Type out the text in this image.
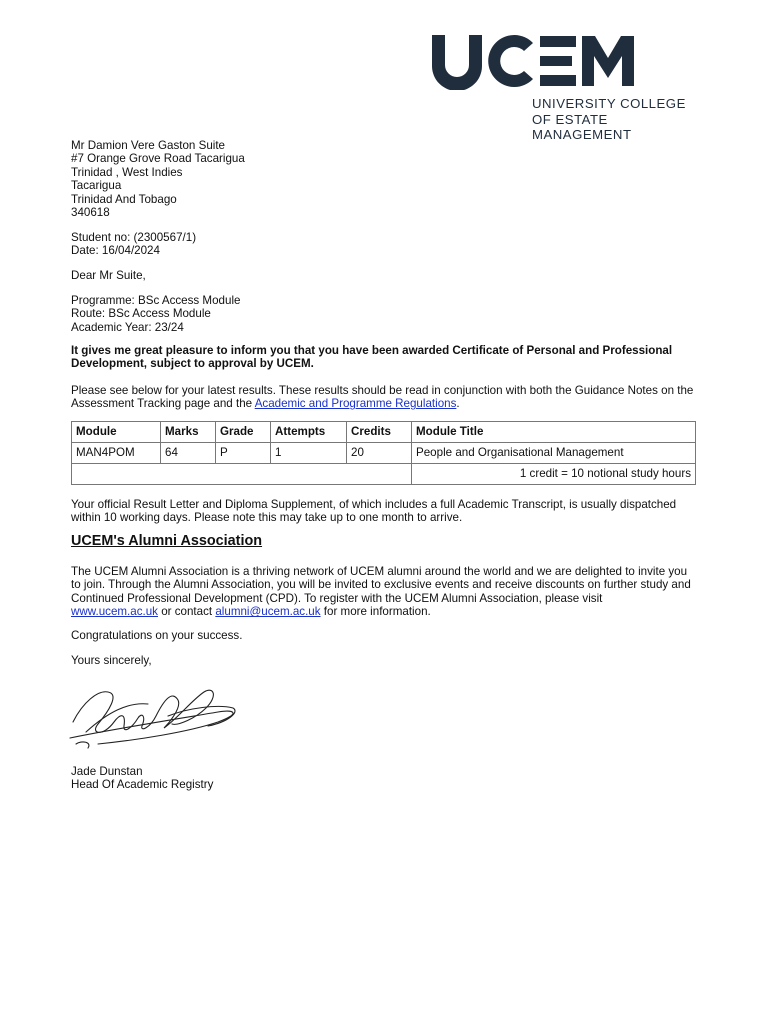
UNIVERSITY COLLEGE
OF ESTATE MANAGEMENT
Mr Damion Vere Gaston Suite
#7 Orange Grove Road Tacarigua
Trinidad , West Indies
Tacarigua
Trinidad And Tobago
340618
Student no: (2300567/1)
Date: 16/04/2024
Dear Mr Suite,
Programme: BSc Access Module
Route: BSc Access Module
Academic Year: 23/24
It gives me great pleasure to inform you that you have been awarded Certificate of Personal and Professional
Development, subject to approval by UCEM.
Please see below for your latest results. These results should be read in conjunction with both the Guidance Notes on the
Assessment Tracking page and the Academic and Programme Regulations.
Module	Marks	Grade	Attempts	Credits	Module Title
MAN4POM	64	P	1	20	People and Organisational Management
					1 credit = 10 notional study hours
Your official Result Letter and Diploma Supplement, of which includes a full Academic Transcript, is usually dispatched
within 10 working days. Please note this may take up to one month to arrive.
UCEM's Alumni Association
The UCEM Alumni Association is a thriving network of UCEM alumni around the world and we are delighted to invite you
to join. Through the Alumni Association, you will be invited to exclusive events and receive discounts on further study and
Continued Professional Development (CPD). To register with the UCEM Alumni Association, please visit
www.ucem.ac.uk or contact alumni@ucem.ac.uk for more information.
Congratulations on your success.
Yours sincerely,
Jade Dunstan
Head Of Academic Registry
